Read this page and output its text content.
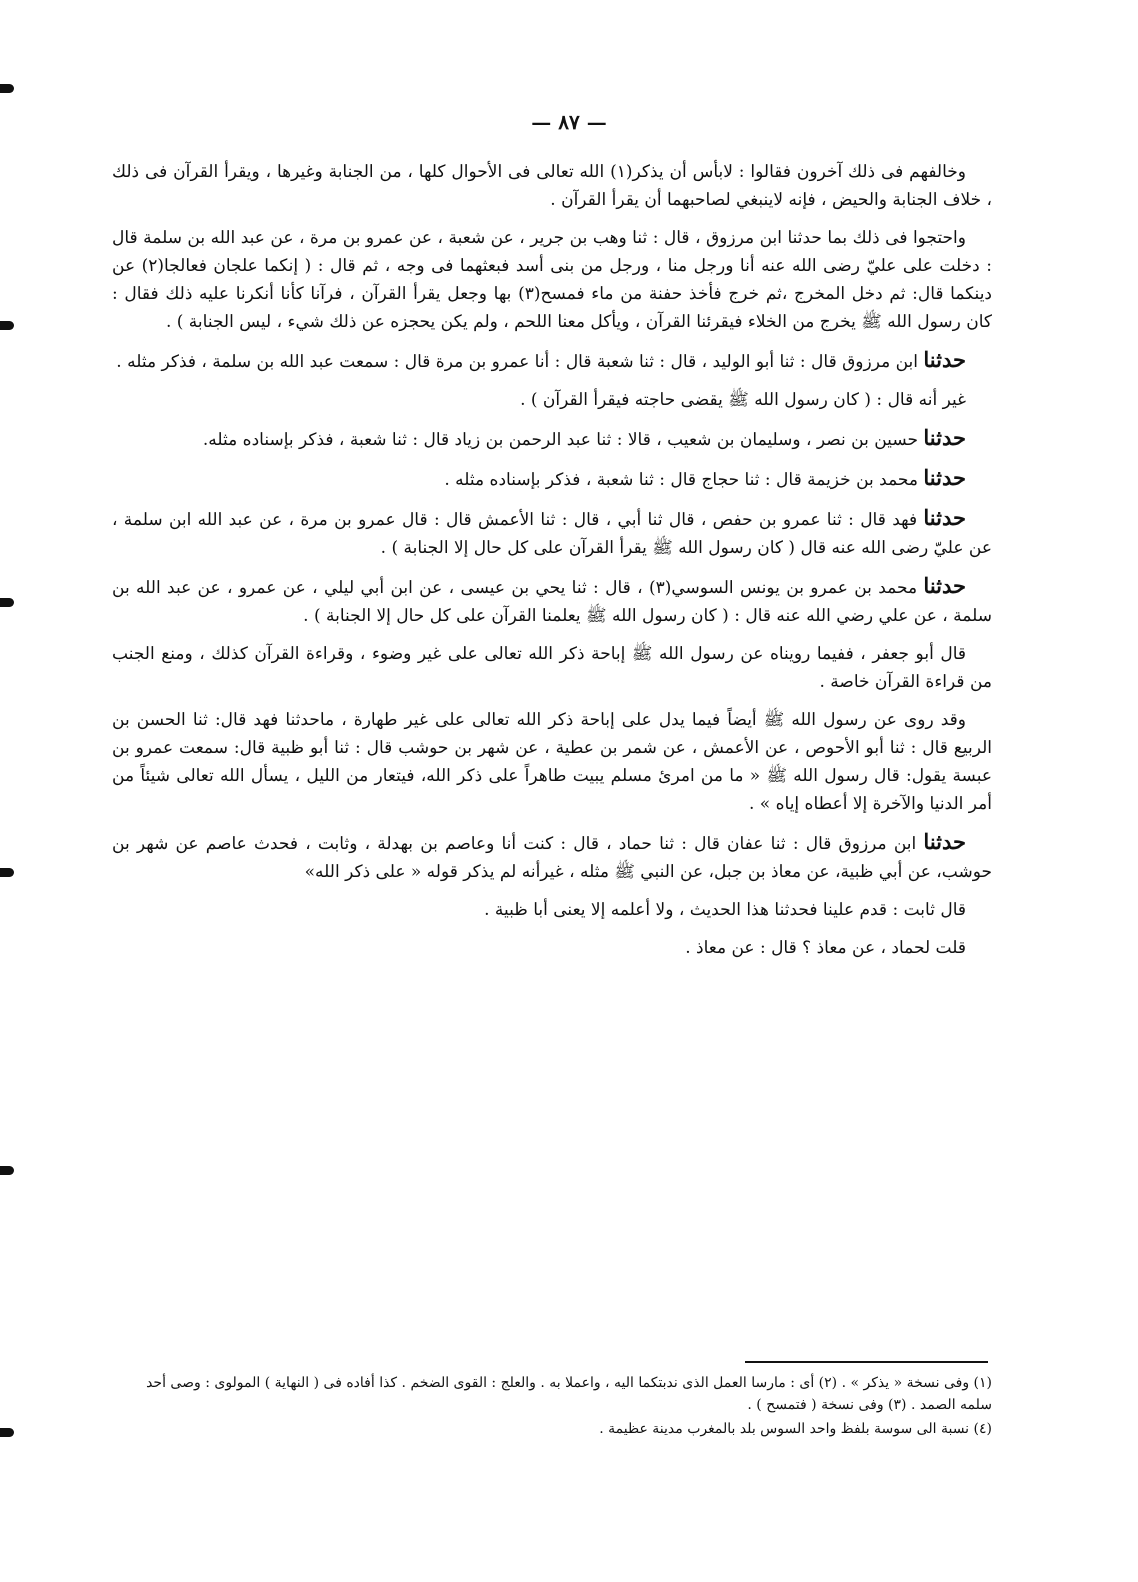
— ٨٧ —

وخالفهم فى ذلك آخرون فقالوا : لابأس أن يذكر(١) الله تعالى فى الأحوال كلها ، من الجنابة وغيرها ، ويقرأ القرآن فى ذلك ، خلاف الجنابة والحيض ، فإنه لاينبغي لصاحبهما أن يقرأ القرآن .

واحتجوا فى ذلك بما حدثنا ابن مرزوق ، قال : ثنا وهب بن جرير ، عن شعبة ، عن عمرو بن مرة ، عن عبد الله بن سلمة قال : دخلت على عليّ رضى الله عنه أنا ورجل منا ، ورجل من بنى أسد فبعثهما فى وجه ، ثم قال : ( إنكما علجان فعالجا(٢) عن دينكما قال: ثم دخل المخرج ،ثم خرج فأخذ حفنة من ماء فمسح(٣) بها وجعل يقرأ القرآن ، فرآنا كأنا أنكرنا عليه ذلك فقال : كان رسول الله ﷺ يخرج من الخلاء فيقرئنا القرآن ، ويأكل معنا اللحم ، ولم يكن يحجزه عن ذلك شيء ، ليس الجنابة ) .

حدثنا ابن مرزوق قال : ثنا أبو الوليد ، قال : ثنا شعبة قال : أنا عمرو بن مرة قال : سمعت عبد الله بن سلمة ، فذكر مثله .

غير أنه قال : ( كان رسول الله ﷺ يقضى حاجته فيقرأ القرآن ) .

حدثنا حسين بن نصر ، وسليمان بن شعيب ، قالا : ثنا عبد الرحمن بن زياد قال : ثنا شعبة ، فذكر بإسناده مثله.

حدثنا محمد بن خزيمة قال : ثنا حجاج قال : ثنا شعبة ، فذكر بإسناده مثله .

حدثنا فهد قال : ثنا عمرو بن حفص ، قال ثنا أبي ، قال : ثنا الأعمش قال : قال عمرو بن مرة ، عن عبد الله ابن سلمة ، عن عليّ رضى الله عنه قال ( كان رسول الله ﷺ يقرأ القرآن على كل حال إلا الجنابة ) .

حدثنا محمد بن عمرو بن يونس السوسي(٣) ، قال : ثنا يحي بن عيسى ، عن ابن أبي ليلي ، عن عمرو ، عن عبد الله بن سلمة ، عن علي رضي الله عنه قال : ( كان رسول الله ﷺ يعلمنا القرآن على كل حال إلا الجنابة ) .

قال أبو جعفر ، ففيما رويناه عن رسول الله ﷺ إباحة ذكر الله تعالى على غير وضوء ، وقراءة القرآن كذلك ، ومنع الجنب من قراءة القرآن خاصة .

وقد روى عن رسول الله ﷺ أيضاً فيما يدل على إباحة ذكر الله تعالى على غير طهارة ، ماحدثنا فهد قال: ثنا الحسن بن الربيع قال : ثنا أبو الأحوص ، عن الأعمش ، عن شمر بن عطية ، عن شهر بن حوشب قال : ثنا أبو ظبية قال: سمعت عمرو بن عبسة يقول: قال رسول الله ﷺ « ما من امرئ مسلم يبيت طاهراً على ذكر الله، فيتعار من الليل ، يسأل الله تعالى شيئاً من أمر الدنيا والآخرة إلا أعطاه إياه » .

حدثنا ابن مرزوق قال : ثنا عفان قال : ثنا حماد ، قال : كنت أنا وعاصم بن بهدلة ، وثابت ، فحدث عاصم عن شهر بن حوشب، عن أبي ظبية، عن معاذ بن جبل، عن النبي ﷺ مثله ، غيرأنه لم يذكر قوله « على ذكر الله»

قال ثابت : قدم علينا فحدثنا هذا الحديث ، ولا أعلمه إلا يعنى أبا ظبية .

قلت لحماد ، عن معاذ ؟ قال : عن معاذ .

(١) وفى نسخة « يذكر » . (٢) أى : مارسا العمل الذى ندبتكما اليه ، واعملا به . والعلج : القوى الضخم . كذا أفاده فى ( النهاية ) المولوى : وصى أحد سلمه الصمد . (٣) وفى نسخة ( فتمسح ) .

(٤) نسبة الى سوسة بلفظ واحد السوس بلد بالمغرب مدينة عظيمة .
